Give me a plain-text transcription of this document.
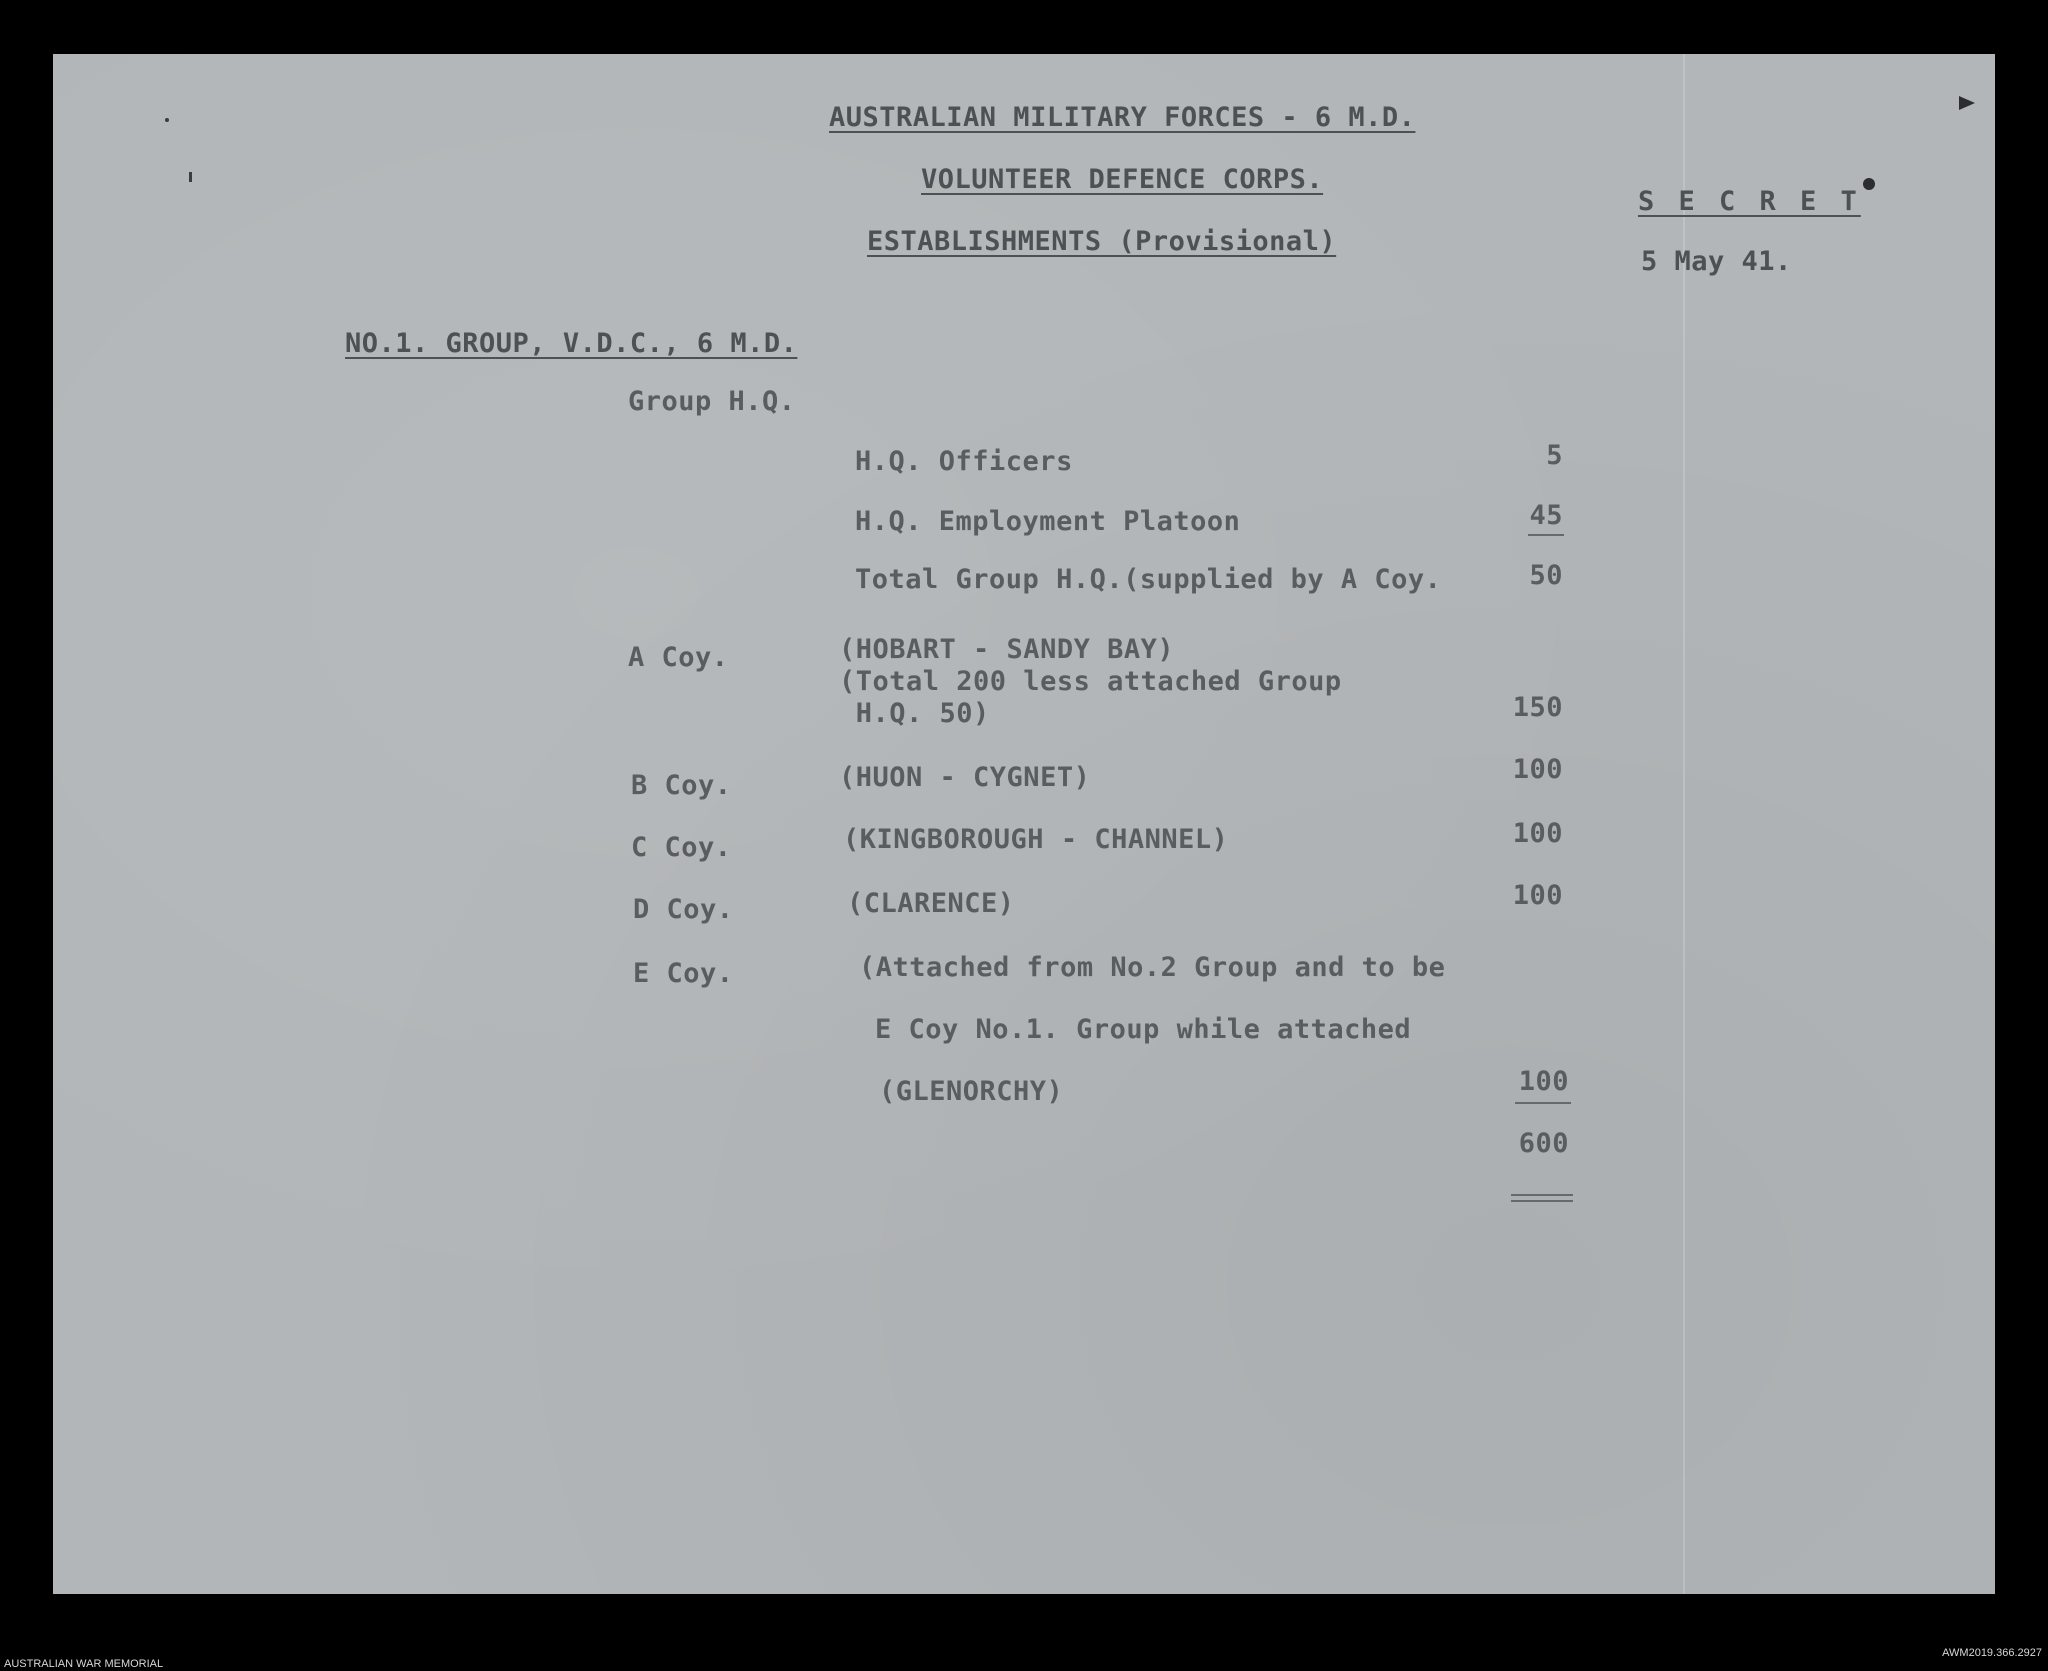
AUSTRALIAN MILITARY FORCES - 6 M.D.

VOLUNTEER DEFENCE CORPS.

ESTABLISHMENTS (Provisional)

S E C R E T

5 May 41.

NO.1. GROUP, V.D.C., 6 M.D.

Group H.Q.

H.Q. Officers	5

H.Q. Employment Platoon	45

Total Group H.Q.(supplied by A Coy.	50

A Coy.	(HOBART - SANDY BAY)

(Total 200 less attached Group

H.Q. 50)	150

B Coy.	(HUON - CYGNET)	100

C Coy.	(KINGBOROUGH - CHANNEL)	100

D Coy.	(CLARENCE)	100

E Coy.	(Attached from No.2 Group and to be

E Coy No.1. Group while attached

(GLENORCHY)	100

600

AUSTRALIAN WAR MEMORIAL

AWM2019.366.2927
